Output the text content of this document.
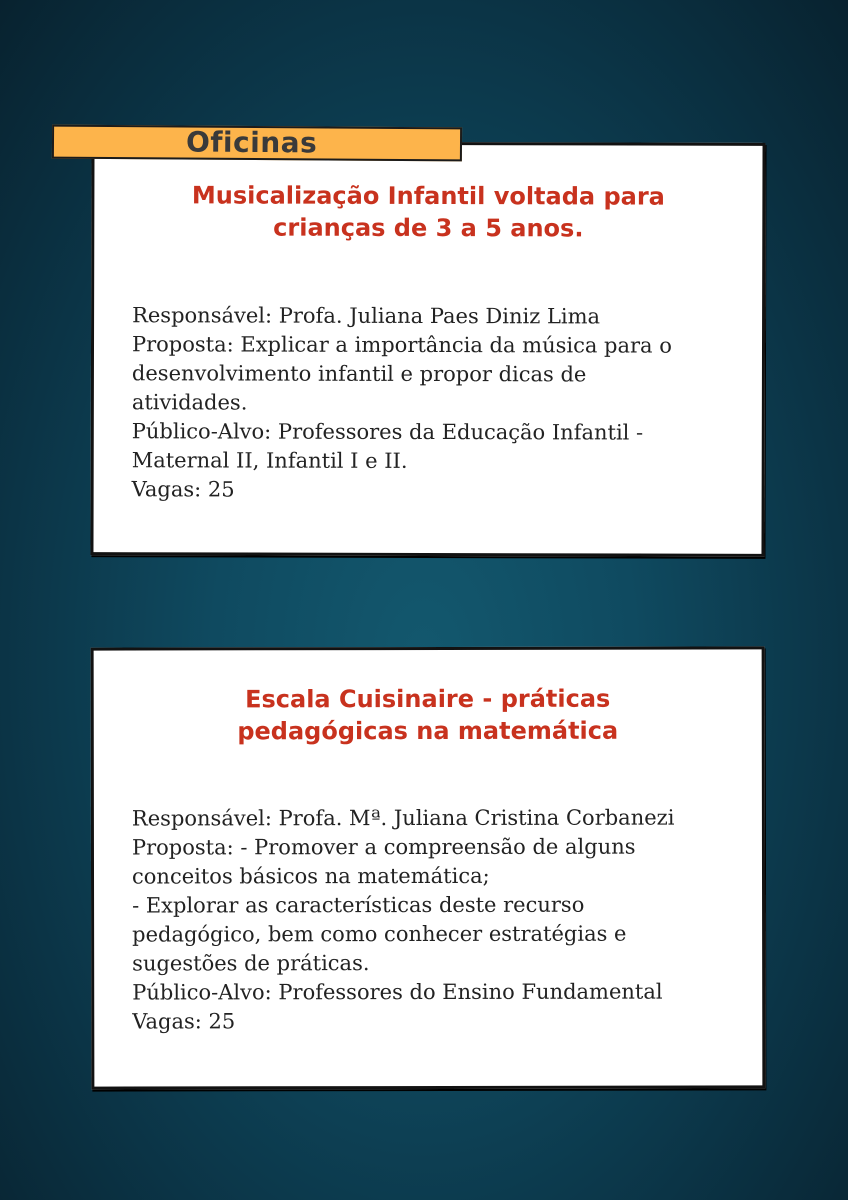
Oficinas
Musicalização Infantil voltada para
crianças de 3 a 5 anos.
Responsável: Profa. Juliana Paes Diniz Lima
Proposta: Explicar a importância da música para o
desenvolvimento infantil e propor dicas de
atividades.
Público-Alvo: Professores da Educação Infantil -
Maternal II, Infantil I e II.
Vagas: 25
Escala Cuisinaire - práticas
pedagógicas na matemática
Responsável: Profa. Mª. Juliana Cristina Corbanezi
Proposta: - Promover a compreensão de alguns
conceitos básicos na matemática;
- Explorar as características deste recurso
pedagógico, bem como conhecer estratégias e
sugestões de práticas.
Público-Alvo: Professores do Ensino Fundamental
Vagas: 25
